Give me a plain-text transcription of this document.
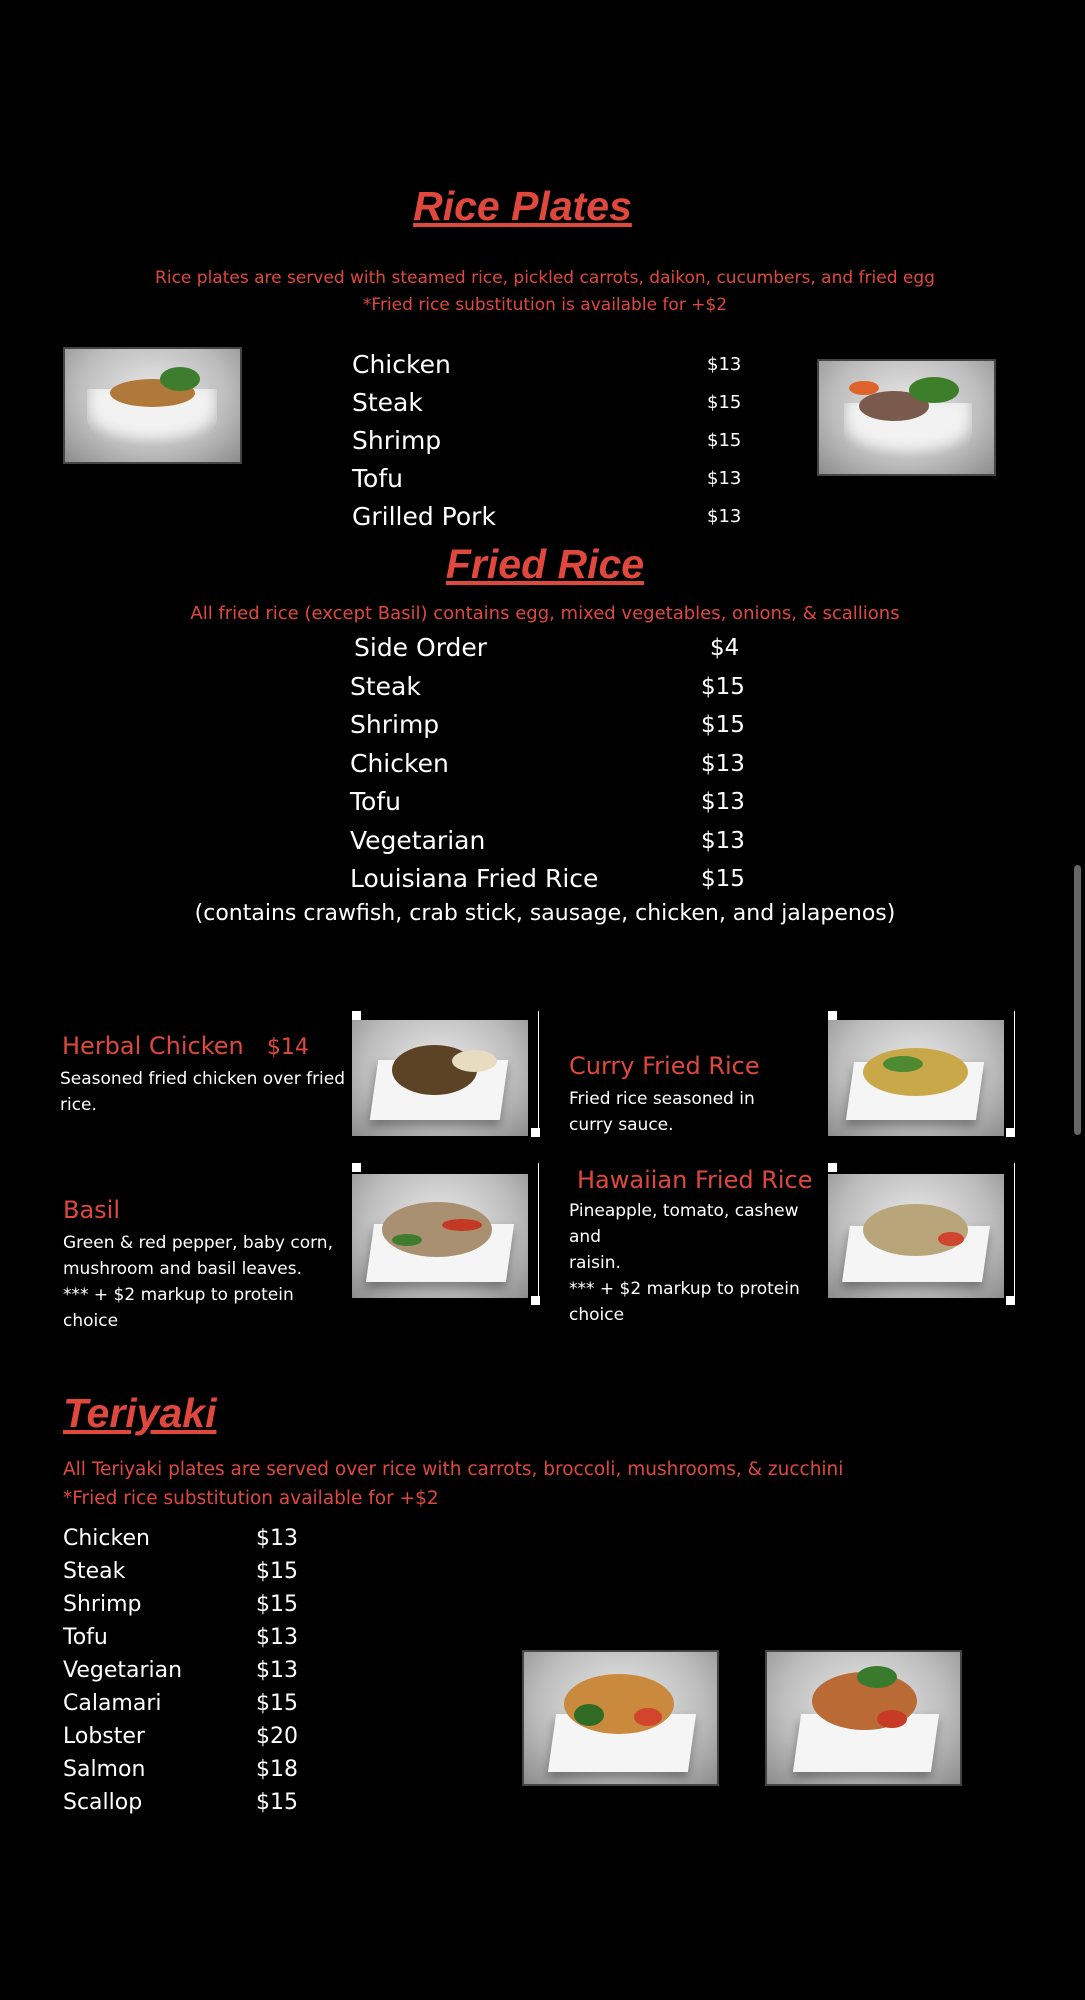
Rice Plates
Rice plates are served with steamed rice, pickled carrots, daikon, cucumbers, and fried egg
*Fried rice substitution is available for +$2
Chicken	$13
Steak	$15
Shrimp	$15
Tofu	$13
Grilled Pork	$13
Fried Rice
All fried rice (except Basil) contains egg, mixed vegetables, onions, & scallions
Side Order	$4
Steak	$15
Shrimp	$15
Chicken	$13
Tofu	$13
Vegetarian	$13
Louisiana Fried Rice	$15
(contains crawfish, crab stick, sausage, chicken, and jalapenos)
Herbal Chicken $14
Seasoned fried chicken over fried rice.
Curry Fried Rice
Fried rice seasoned in curry sauce.
Basil
Green & red pepper, baby corn,
mushroom and basil leaves.
*** + $2 markup to protein choice
Hawaiian Fried Rice
Pineapple, tomato, cashew and
raisin.
*** + $2 markup to protein
choice
Teriyaki
All Teriyaki plates are served over rice with carrots, broccoli, mushrooms, & zucchini
*Fried rice substitution available for +$2
Chicken	$13
Steak	$15
Shrimp	$15
Tofu	$13
Vegetarian	$13
Calamari	$15
Lobster	$20
Salmon	$18
Scallop	$15
